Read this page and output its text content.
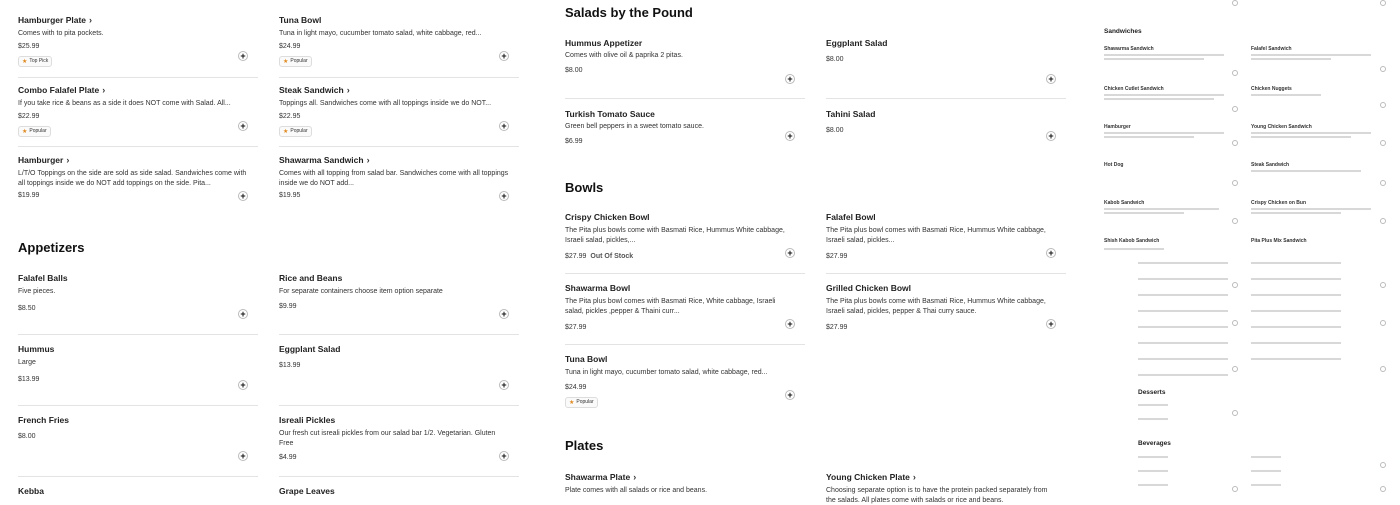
Hamburger Plate ›
Comes with to pita pockets.
$25.99
★ Top Pick
+
Combo Falafel Plate ›
If you take rice & beans as a side it does NOT come with Salad. All...
$22.99
★ Popular
+
Hamburger ›
L/T/O Toppings on the side are sold as side salad. Sandwiches come with all toppings inside we do NOT add toppings on the side. Pita...
$19.99	+
Appetizers
Falafel Balls
Five pieces.
$8.50
+
Hummus
Large
$13.99
+
French Fries
$8.00
+
Kebba
Tuna Bowl
Tuna in light mayo, cucumber tomato salad, white cabbage, red...
$24.99
★ Popular
+
Steak Sandwich ›
Toppings all. Sandwiches come with all toppings inside we do NOT...
$22.95
★ Popular
+
Shawarma Sandwich ›
Comes with all topping from salad bar. Sandwiches come with all toppings inside we do NOT add...
$19.95	+
Rice and Beans
For separate containers choose item option separate
$9.99
+
Eggplant Salad
$13.99
+
Isreali Pickles
Our fresh cut isreali pickles from our salad bar 1/2. Vegetarian. Gluten Free
$4.99	+
Grape Leaves
Salads by the Pound
Hummus Appetizer
Comes with olive oil & paprika 2 pitas.
$8.00
+
Turkish Tomato Sauce
Green bell peppers in a sweet tomato sauce.
$6.99
+
Bowls
Crispy Chicken Bowl
The Pita plus bowls come with Basmati Rice, Hummus White cabbage, Israeli salad, pickles,...
$27.99 Out Of Stock	+
Shawarma Bowl
The Pita plus bowl comes with Basmati Rice, White cabbage, Israeli salad, pickles ,pepper & Thaini curr...
$27.99	+
Tuna Bowl
Tuna in light mayo, cucumber tomato salad, white cabbage, red...
$24.99
★ Popular
+
Plates
Shawarma Plate ›
Plate comes with all salads or rice and beans.
Eggplant Salad
$8.00
+
Tahini Salad
$8.00	+
Falafel Bowl
The Pita plus bowl comes with Basmati Rice, Hummus White cabbage, Israeli salad, pickles...
$27.99	+
Grilled Chicken Bowl
The Pita plus bowls come with Basmati Rice, Hummus White cabbage, Israeli salad, pickles, pepper & Thai curry sauce.
$27.99	+
Young Chicken Plate ›
Choosing separate option is to have the protein packed separately from the salads. All plates come with salads or rice and beans.
Sandwiches
Shawarma Sandwich
Chicken Cutlet Sandwich
Hamburger
Hot Dog
Kabob Sandwich
Shish Kabob Sandwich
Falafel Sandwich
Chicken Nuggets
Young Chicken Sandwich
Steak Sandwich
Crispy Chicken on Bun
Pita Plus Mix Sandwich
Desserts
Beverages
